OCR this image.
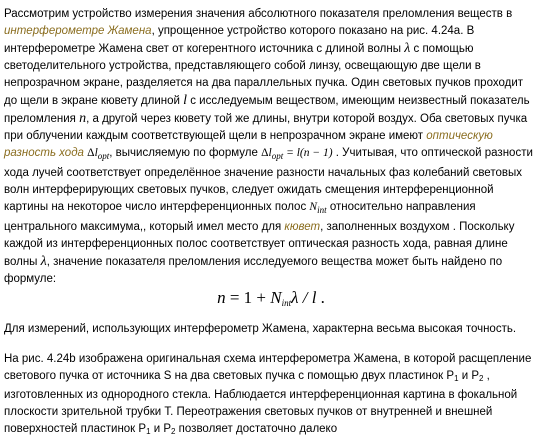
Рассмотрим устройство измерения значения абсолютного показателя преломления веществ в интерферометре Жамена, упрощенное устройство которого показано на рис. 4.24а. В интерферометре Жамена свет от когерентного источника с длиной волны λ с помощью светоделительного устройства, представляющего собой линзу, освещающую две щели в непрозрачном экране, разделяется на два параллельных пучка. Один световых пучков проходит до щели в экране кювету длиной l с исследуемым веществом, имеющим неизвестный показатель преломления n, а другой через кювету той же длины, внутри которой воздух. Оба световых пучка при облучении каждым соответствующей щели в непрозрачном экране имеют оптическую разность хода $\Delta l_{opt}$, вычисляемую по формуле $\Delta l_{opt} = l(n - 1)$ . Учитывая, что оптической разности хода лучей соответствует определённое значение разности начальных фаз колебаний световых волн интерферирующих световых пучков, следует ожидать смещения интерференционной картины на некоторое число интерференционных полос $N_{int}$ относительно направления центрального максимума,, который имел место для кювет, заполненных воздухом . Поскольку каждой из интерференционных полос соответствует оптическая разность хода, равная длине волны λ, значение показателя преломления исследуемого вещества может быть найдено по формуле:
$n = 1 + N_{int}\lambda / l$ .
Для измерений, использующих интерферометр Жамена, характерна весьма высокая точность.
На рис. 4.24b изображена оригинальная схема интерферометра Жамена, в которой расщепление светового пучка от источника S на два световых пучка с помощью двух пластинок $P_1$ и $P_2$ , изготовленных из однородного стекла. Наблюдается интерференционная картина в фокальной плоскости зрительной трубки T. Переотражения световых пучков от внутренней и внешней поверхностей пластинок $P_1$ и $P_2$ позволяет достаточно далеко
